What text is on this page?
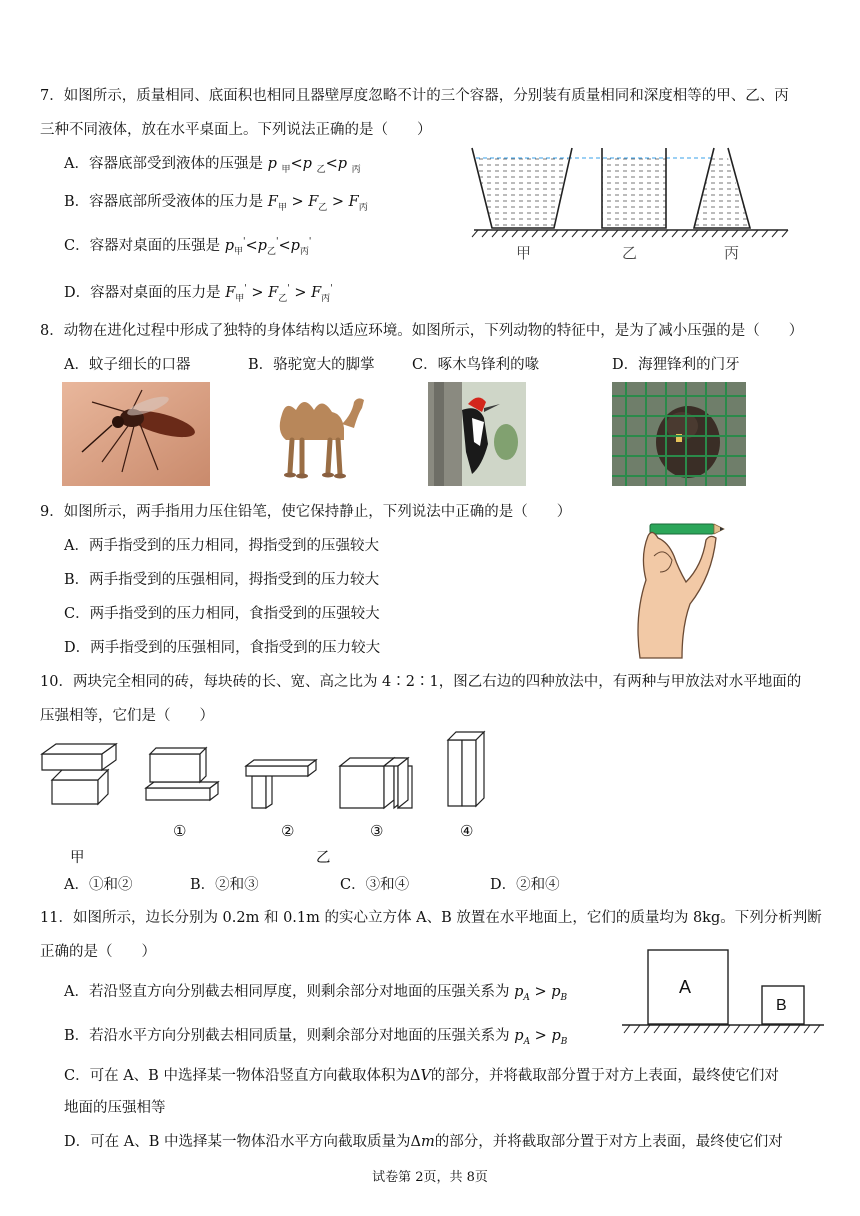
7．如图所示，质量相同、底面积也相同且器壁厚度忽略不计的三个容器，分别装有质量相同和深度相等的甲、乙、丙
三种不同液体，放在水平桌面上。下列说法正确的是（　　）
A．容器底部受到液体的压强是 p $_甲$<p $_乙$<p $_丙$
B．容器底部所受液体的压力是 $F_甲 > F_乙 > F_丙$
C．容器对桌面的压强是 $p_甲'<p_乙'<p_丙'$
D．容器对桌面的压力是 $F_甲' > F_乙' > F_丙'$
甲	乙	丙
8．动物在进化过程中形成了独特的身体结构以适应环境。如图所示，下列动物的特征中，是为了减小压强的是（　　）
A．蚊子细长的口器	B．骆驼宽大的脚掌	C．啄木鸟锋利的喙	D．海狸锋利的门牙
9．如图所示，两手指用力压住铅笔，使它保持静止，下列说法中正确的是（　　）
A．两手指受到的压力相同，拇指受到的压强较大
B．两手指受到的压强相同，拇指受到的压力较大
C．两手指受到的压力相同，食指受到的压强较大
D．两手指受到的压强相同，食指受到的压力较大
10．两块完全相同的砖，每块砖的长、宽、高之比为 4∶2∶1，图乙右边的四种放法中，有两种与甲放法对水平地面的
压强相等，它们是（　　）
①	②	③	④
甲	乙
A．①和②	B．②和③	C．③和④	D．②和④
11．如图所示，边长分别为 0.2m 和 0.1m 的实心立方体 A、B 放置在水平地面上，它们的质量均为 8kg。下列分析判断
正确的是（　　）
A．若沿竖直方向分别截去相同厚度，则剩余部分对地面的压强关系为 $p_A > p_B$
B．若沿水平方向分别截去相同质量，则剩余部分对地面的压强关系为 $p_A > p_B$
C．可在 A、B 中选择某一物体沿竖直方向截取体积为ΔV的部分，并将截取部分置于对方上表面，最终使它们对
地面的压强相等
D．可在 A、B 中选择某一物体沿水平方向截取质量为Δm的部分，并将截取部分置于对方上表面，最终使它们对
A
B
试卷第 2页，共 8页
